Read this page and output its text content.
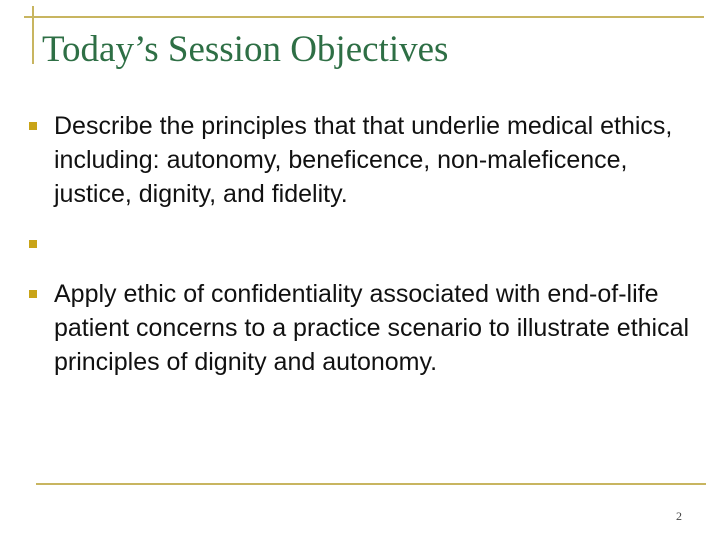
Today’s Session Objectives
Describe the principles that that underlie medical ethics, including: autonomy, beneficence, non-maleficence, justice, dignity, and fidelity.
Apply ethic of confidentiality associated with end-of-life patient concerns to a practice scenario to illustrate ethical principles of dignity and autonomy.
2
